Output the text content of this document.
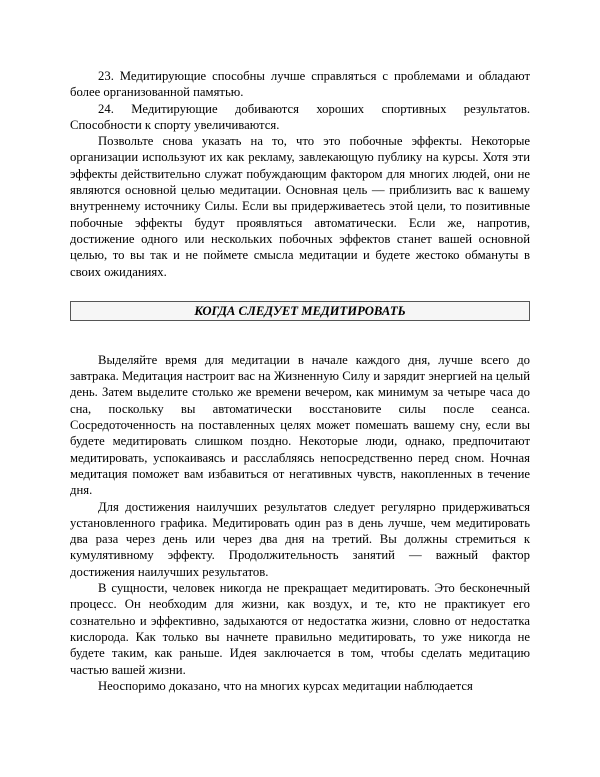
23. Медитирующие способны лучше справляться с проблемами и обладают более организованной памятью.

24. Медитирующие добиваются хороших спортивных результатов. Способности к спорту увеличиваются.

Позвольте снова указать на то, что это побочные эффекты. Некоторые организации используют их как рекламу, завлекающую публику на курсы. Хотя эти эффекты действительно служат побуждающим фактором для многих людей, они не являются основной целью медитации. Основная цель — приблизить вас к вашему внутреннему источнику Силы. Если вы придерживаетесь этой цели, то позитивные побочные эффекты будут проявляться автоматически. Если же, напротив, достижение одного или нескольких побочных эффектов станет вашей основной целью, то вы так и не поймете смысла медитации и будете жестоко обмануты в своих ожиданиях.

КОГДА СЛЕДУЕТ МЕДИТИРОВАТЬ

Выделяйте время для медитации в начале каждого дня, лучше всего до завтрака. Медитация настроит вас на Жизненную Силу и зарядит энергией на целый день. Затем выделите столько же времени вечером, как минимум за четыре часа до сна, поскольку вы автоматически восстановите силы после сеанса. Сосредоточенность на поставленных целях может помешать вашему сну, если вы будете медитировать слишком поздно. Некоторые люди, однако, предпочитают медитировать, успокаиваясь и расслабляясь непосредственно перед сном. Ночная медитация поможет вам избавиться от негативных чувств, накопленных в течение дня.

Для достижения наилучших результатов следует регулярно придерживаться установленного графика. Медитировать один раз в день лучше, чем медитировать два раза через день или через два дня на третий. Вы должны стремиться к кумулятивному эффекту. Продолжительность занятий — важный фактор достижения наилучших результатов.

В сущности, человек никогда не прекращает медитировать. Это бесконечный процесс. Он необходим для жизни, как воздух, и те, кто не практикует его сознательно и эффективно, задыхаются от недостатка жизни, словно от недостатка кислорода. Как только вы начнете правильно медитировать, то уже никогда не будете таким, как раньше. Идея заключается в том, чтобы сделать медитацию частью вашей жизни.

Неоспоримо доказано, что на многих курсах медитации наблюдается
